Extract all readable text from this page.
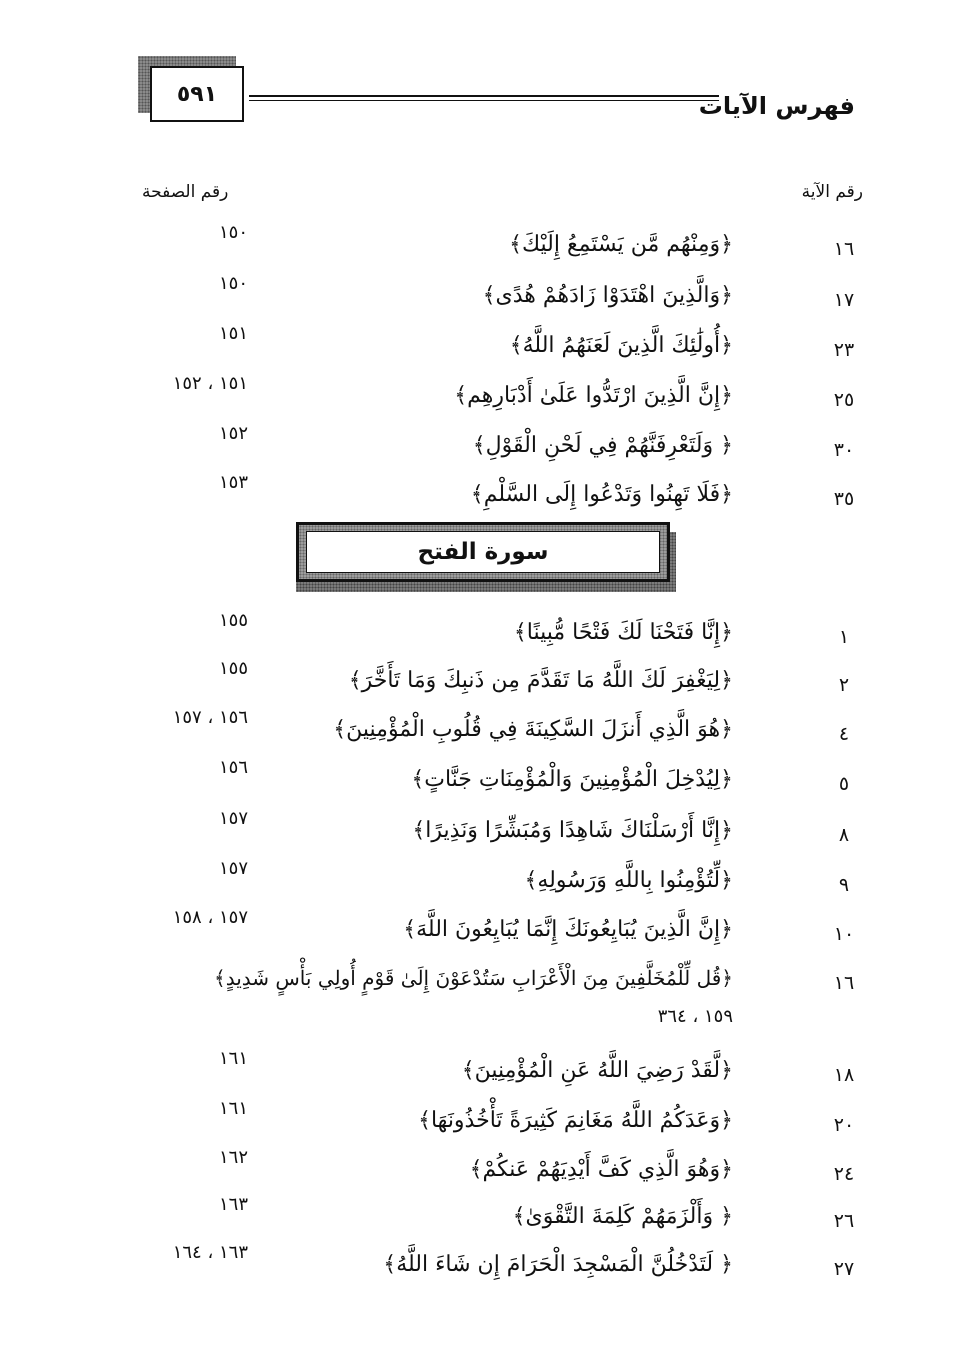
٥٩١	فهرس الآيات
رقم الآية
رقم الصفحة
١٦
﴿وَمِنْهُم مَّن يَسْتَمِعُ إِلَيْكَ﴾
١٥٠
١٧
﴿وَالَّذِينَ اهْتَدَوْا زَادَهُمْ هُدًى﴾
١٥٠
٢٣
﴿أُولَٰئِكَ الَّذِينَ لَعَنَهُمُ اللَّهُ﴾
١٥١
٢٥
﴿إِنَّ الَّذِينَ ارْتَدُّوا عَلَىٰ أَدْبَارِهِم﴾
١٥١ ، ١٥٢
٣٠
﴿ وَلَتَعْرِفَنَّهُمْ فِي لَحْنِ الْقَوْلِ﴾
١٥٢
٣٥
﴿فَلَا تَهِنُوا وَتَدْعُوا إِلَى السَّلْمِ﴾
١٥٣
سورة الفتح
١
﴿إِنَّا فَتَحْنَا لَكَ فَتْحًا مُّبِينًا﴾
١٥٥
٢
﴿لِيَغْفِرَ لَكَ اللَّهُ مَا تَقَدَّمَ مِن ذَنبِكَ وَمَا تَأَخَّرَ﴾
١٥٥
٤
﴿هُوَ الَّذِي أَنزَلَ السَّكِينَةَ فِي قُلُوبِ الْمُؤْمِنِينَ﴾
١٥٦ ، ١٥٧
٥
﴿لِيُدْخِلَ الْمُؤْمِنِينَ وَالْمُؤْمِنَاتِ جَنَّاتٍ﴾
١٥٦
٨
﴿إِنَّا أَرْسَلْنَاكَ شَاهِدًا وَمُبَشِّرًا وَنَذِيرًا﴾
١٥٧
٩
﴿لِّتُؤْمِنُوا بِاللَّهِ وَرَسُولِهِ﴾
١٥٧
١٠
﴿إِنَّ الَّذِينَ يُبَايِعُونَكَ إِنَّمَا يُبَايِعُونَ اللَّهَ﴾
١٥٧ ، ١٥٨
١٦
﴿قُل لِّلْمُخَلَّفِينَ مِنَ الْأَعْرَابِ سَتُدْعَوْنَ إِلَىٰ قَوْمٍ أُولِي بَأْسٍ شَدِيدٍ﴾
١٥٩ ، ٣٦٤
١٨
﴿لَّقَدْ رَضِيَ اللَّهُ عَنِ الْمُؤْمِنِينَ﴾
١٦١
٢٠
﴿وَعَدَكُمُ اللَّهُ مَغَانِمَ كَثِيرَةً تَأْخُذُونَهَا﴾
١٦١
٢٤
﴿وَهُوَ الَّذِي كَفَّ أَيْدِيَهُمْ عَنكُمْ﴾
١٦٢
٢٦
﴿ وَأَلْزَمَهُمْ كَلِمَةَ التَّقْوَىٰ﴾
١٦٣
٢٧
﴿ لَتَدْخُلُنَّ الْمَسْجِدَ الْحَرَامَ إِن شَاءَ اللَّهُ﴾
١٦٣ ، ١٦٤
